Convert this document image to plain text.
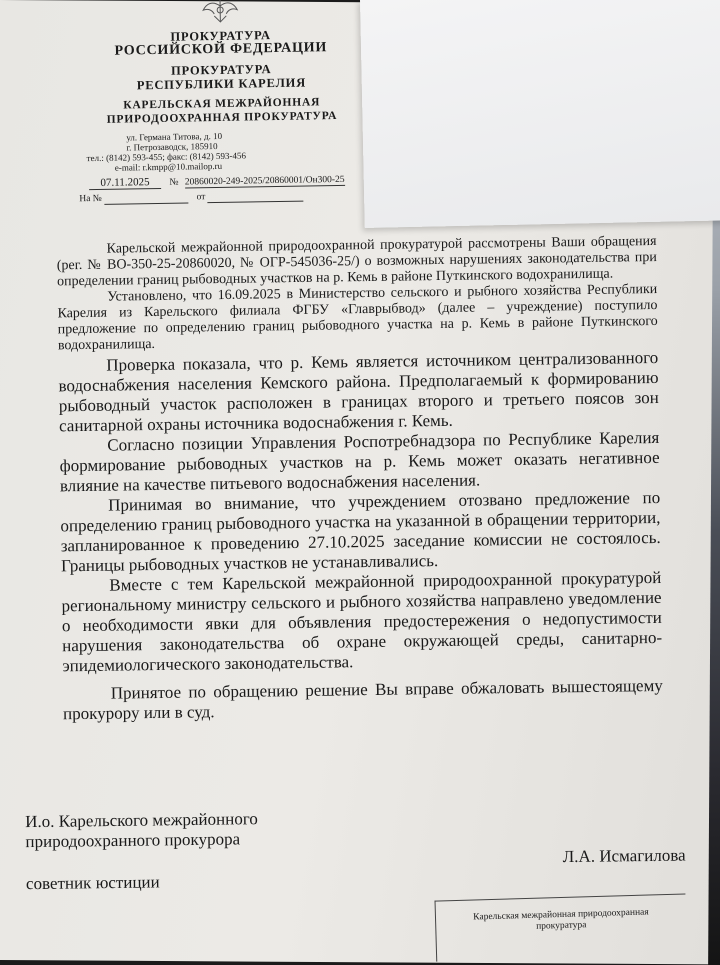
ПРОКУРАТУРА
РОССИЙСКОЙ ФЕДЕРАЦИИ
ПРОКУРАТУРА
РЕСПУБЛИКИ КАРЕЛИЯ
КАРЕЛЬСКАЯ МЕЖРАЙОННАЯ
ПРИРОДООХРАННАЯ ПРОКУРАТУРА
ул. Германа Титова, д. 10
г. Петрозаводск, 185910
тел.: (8142) 593-455; факс: (8142) 593-456
e-mail: r.kmpp@10.mailop.ru
07.11.2025 № 20860020-249-2025/20860001/Он300-25
На №	от

Карельской межрайонной природоохранной прокуратурой рассмотрены Ваши обращения (рег. № ВО-350-25-20860020, № ОГР-545036-25/) о возможных нарушениях законодательства при определении границ рыбоводных участков на р. Кемь в районе Путкинского водохранилища.

Установлено, что 16.09.2025 в Министерство сельского и рыбного хозяйства Республики Карелия из Карельского филиала ФГБУ «Главрыбвод» (далее – учреждение) поступило предложение по определению границ рыбоводного участка на р. Кемь в районе Путкинского водохранилища.

Проверка показала, что р. Кемь является источником централизованного водоснабжения населения Кемского района. Предполагаемый к формированию рыбоводный участок расположен в границах второго и третьего поясов зон санитарной охраны источника водоснабжения г. Кемь.

Согласно позиции Управления Роспотребнадзора по Республике Карелия формирование рыбоводных участков на р. Кемь может оказать негативное влияние на качестве питьевого водоснабжения населения.

Принимая во внимание, что учреждением отозвано предложение по определению границ рыбоводного участка на указанной в обращении территории, запланированное к проведению 27.10.2025 заседание комиссии не состоялось. Границы рыбоводных участков не устанавливались.

Вместе с тем Карельской межрайонной природоохранной прокуратурой региональному министру сельского и рыбного хозяйства направлено уведомление о необходимости явки для объявления предостережения о недопустимости нарушения законодательства об охране окружающей среды, санитарно-эпидемиологического законодательства.

Принятое по обращению решение Вы вправе обжаловать вышестоящему прокурору или в суд.

И.о. Карельского межрайонного
природоохранного прокурора
советник юстиции
Л.А. Исмагилова
Карельская межрайонная природоохранная
прокуратура
